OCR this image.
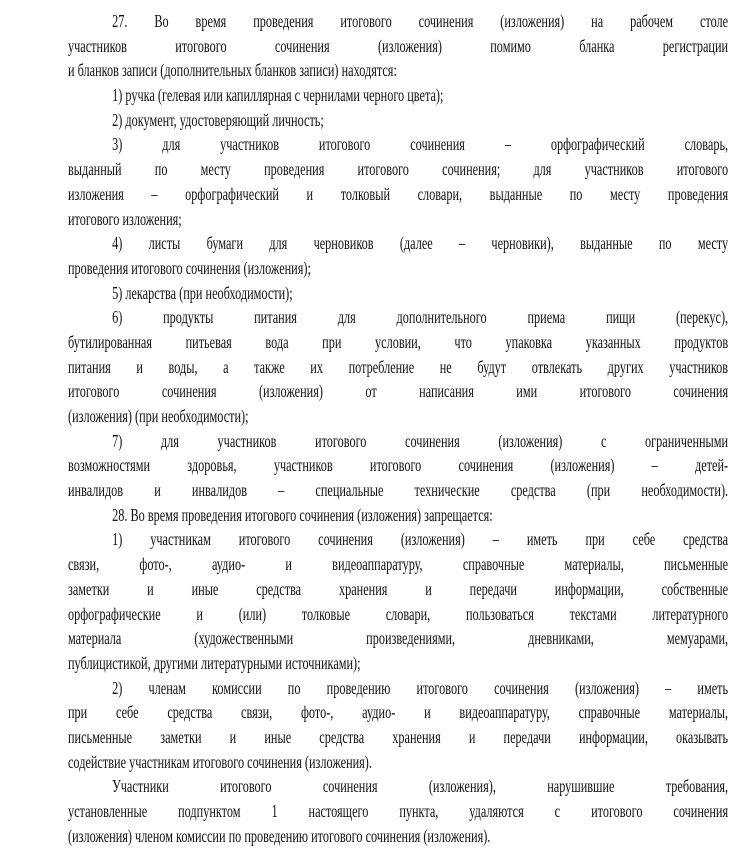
27. Во время проведения итогового сочинения (изложения) на рабочем столе
участников итогового сочинения (изложения) помимо бланка регистрации
и бланков записи (дополнительных бланков записи) находятся:
1) ручка (гелевая или капиллярная с чернилами черного цвета);
2) документ, удостоверяющий личность;
3) для участников итогового сочинения – орфографический словарь,
выданный по месту проведения итогового сочинения; для участников итогового
изложения – орфографический и толковый словари, выданные по месту проведения
итогового изложения;
4) листы бумаги для черновиков (далее – черновики), выданные по месту
проведения итогового сочинения (изложения);
5) лекарства (при необходимости);
6) продукты питания для дополнительного приема пищи (перекус),
бутилированная питьевая вода при условии, что упаковка указанных продуктов
питания и воды, а также их потребление не будут отвлекать других участников
итогового сочинения (изложения) от написания ими итогового сочинения
(изложения) (при необходимости);
7) для участников итогового сочинения (изложения) с ограниченными
возможностями здоровья, участников итогового сочинения (изложения) – детей-
инвалидов и инвалидов – специальные технические средства (при необходимости).
28. Во время проведения итогового сочинения (изложения) запрещается:
1) участникам итогового сочинения (изложения) – иметь при себе средства
связи, фото-, аудио- и видеоаппаратуру, справочные материалы, письменные
заметки и иные средства хранения и передачи информации, собственные
орфографические и (или) толковые словари, пользоваться текстами литературного
материала (художественными произведениями, дневниками, мемуарами,
публицистикой, другими литературными источниками);
2) членам комиссии по проведению итогового сочинения (изложения) – иметь
при себе средства связи, фото-, аудио- и видеоаппаратуру, справочные материалы,
письменные заметки и иные средства хранения и передачи информации, оказывать
содействие участникам итогового сочинения (изложения).
Участники итогового сочинения (изложения), нарушившие требования,
установленные подпунктом 1 настоящего пункта, удаляются с итогового сочинения
(изложения) членом комиссии по проведению итогового сочинения (изложения).
